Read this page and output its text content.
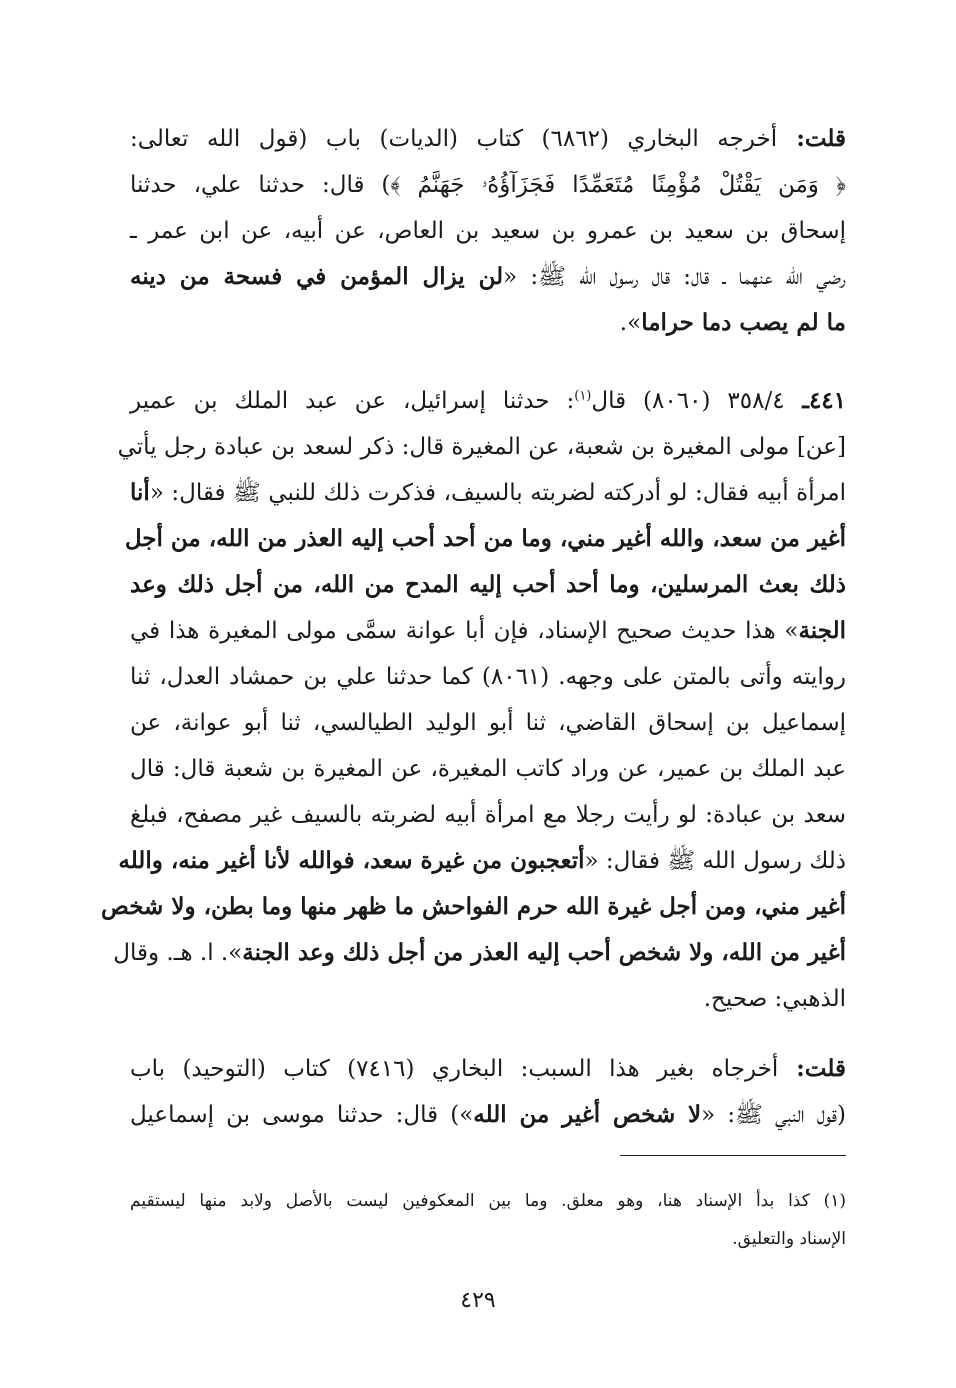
قلت: أخرجه البخاري (٦٨٦٢) كتاب (الديات) باب (قول الله تعالى:
﴿ وَمَن يَقْتُلْ مُؤْمِنًا مُتَعَمِّدًا فَجَزَآؤُهُۥ جَهَنَّمُ ﴾) قال: حدثنا علي، حدثنا
إسحاق بن سعيد بن عمرو بن سعيد بن العاص، عن أبيه، عن ابن عمر ـ
رضي الله عنهما ـ قال: قال رسول الله ﷺ: «لن يزال المؤمن في فسحة من دينه
ما لم يصب دما حراما».
٤٤١ـ ٣٥٨/٤ (٨٠٦٠) قال$^{(١)}$: حدثنا إسرائيل، عن عبد الملك بن عمير
[عن] مولى المغيرة بن شعبة، عن المغيرة قال: ذكر لسعد بن عبادة رجل يأتي
امرأة أبيه فقال: لو أدركته لضربته بالسيف، فذكرت ذلك للنبي ﷺ فقال: «أنا
أغير من سعد، والله أغير مني، وما من أحد أحب إليه العذر من الله، من أجل
ذلك بعث المرسلين، وما أحد أحب إليه المدح من الله، من أجل ذلك وعد
الجنة» هذا حديث صحيح الإسناد، فإن أبا عوانة سمَّى مولى المغيرة هذا في
روايته وأتى بالمتن على وجهه. (٨٠٦١) كما حدثنا علي بن حمشاد العدل، ثنا
إسماعيل بن إسحاق القاضي، ثنا أبو الوليد الطيالسي، ثنا أبو عوانة، عن
عبد الملك بن عمير، عن وراد كاتب المغيرة، عن المغيرة بن شعبة قال: قال
سعد بن عبادة: لو رأيت رجلا مع امرأة أبيه لضربته بالسيف غير مصفح، فبلغ
ذلك رسول الله ﷺ فقال: «أتعجبون من غيرة سعد، فوالله لأنا أغير منه، والله
أغير مني، ومن أجل غيرة الله حرم الفواحش ما ظهر منها وما بطن، ولا شخص
أغير من الله، ولا شخص أحب إليه العذر من أجل ذلك وعد الجنة». ا. هـ. وقال
الذهبي: صحيح.
قلت: أخرجاه بغير هذا السبب: البخاري (٧٤١٦) كتاب (التوحيد) باب
(قول النبي ﷺ: «لا شخص أغير من الله») قال: حدثنا موسى بن إسماعيل
(١) كذا بدأ الإسناد هنا، وهو معلق. وما بين المعكوفين ليست بالأصل ولابد منها ليستقيم
الإسناد والتعليق.
٤٢٩
